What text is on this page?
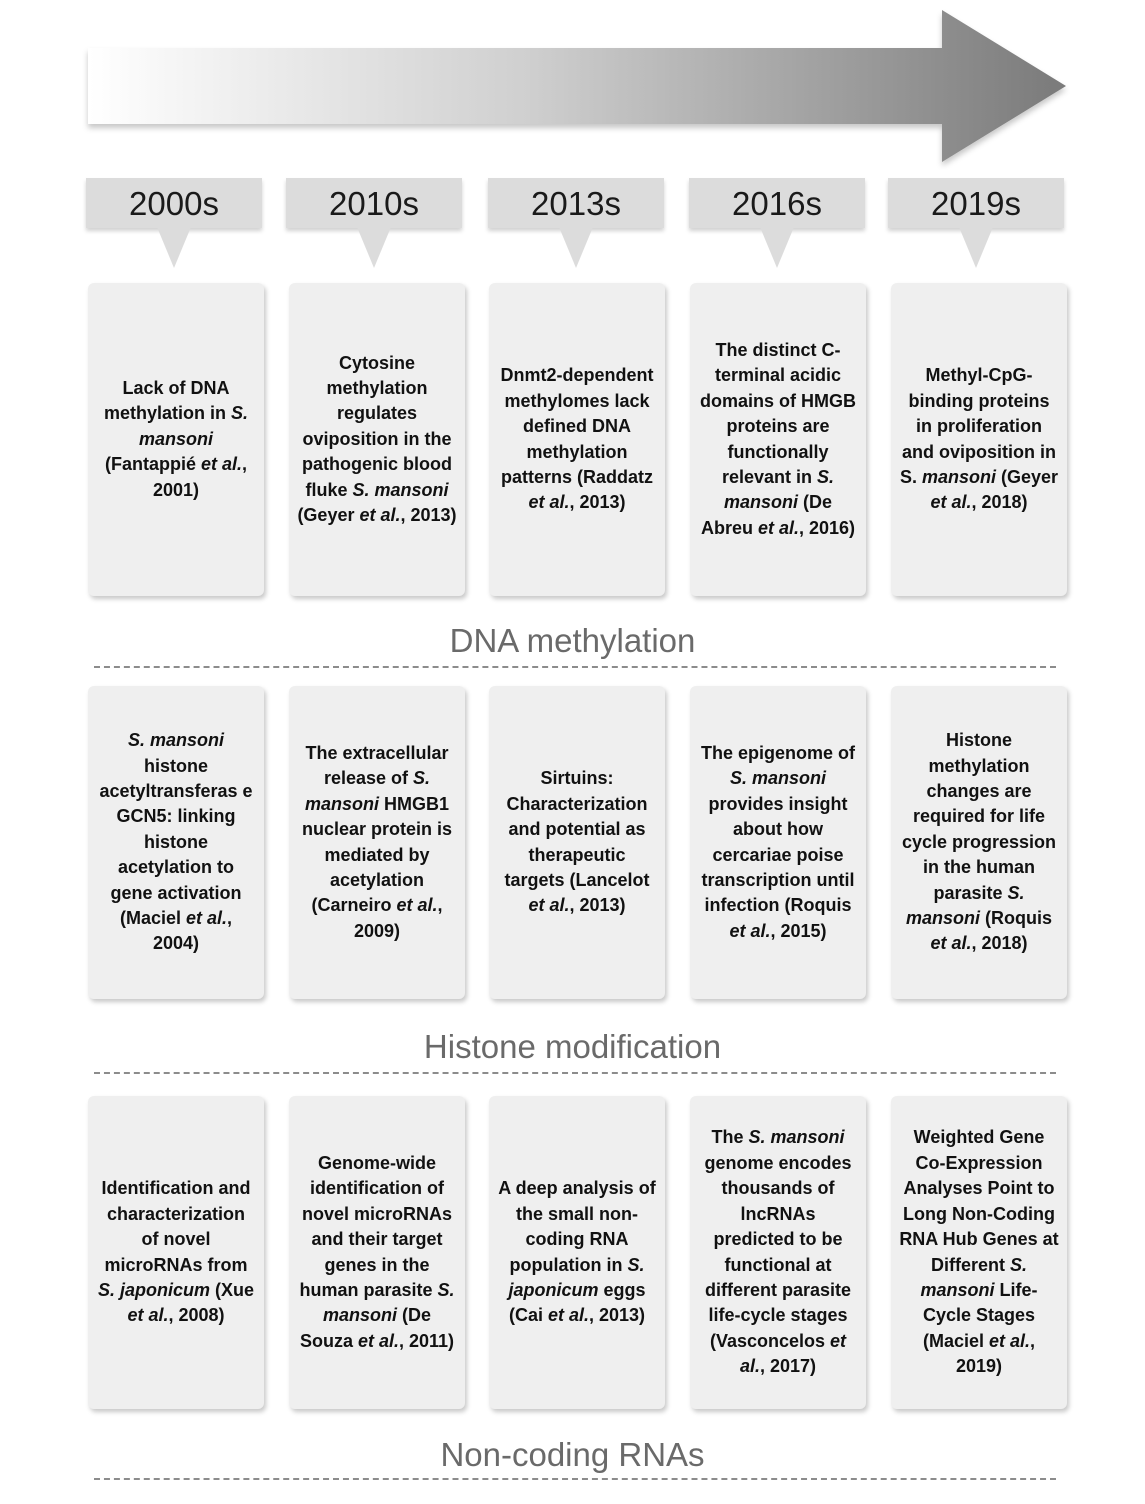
2000s	2010s	2013s	2016s	2019s
Lack of DNA methylation in S. mansoni (Fantappié et al., 2001)
Cytosine methylation regulates oviposition in the pathogenic blood fluke S. mansoni (Geyer et al., 2013)
Dnmt2-dependent methylomes lack defined DNA methylation patterns (Raddatz et al., 2013)
The distinct C-terminal acidic domains of HMGB proteins are functionally relevant in S. mansoni (De Abreu et al., 2016)
Methyl-CpG-binding proteins in proliferation and oviposition in S. mansoni (Geyer et al., 2018)
DNA methylation
S. mansoni histone acetyltransferas e GCN5: linking histone acetylation to gene activation (Maciel et al., 2004)
The extracellular release of S. mansoni HMGB1 nuclear protein is mediated by acetylation (Carneiro et al., 2009)
Sirtuins: Characterization and potential as therapeutic targets (Lancelot et al., 2013)
The epigenome of S. mansoni provides insight about how cercariae poise transcription until infection (Roquis et al., 2015)
Histone methylation changes are required for life cycle progression in the human parasite S. mansoni (Roquis et al., 2018)
Histone modification
Identification and characterization of novel microRNAs from S. japonicum (Xue et al., 2008)
Genome-wide identification of novel microRNAs and their target genes in the human parasite S. mansoni (De Souza et al., 2011)
A deep analysis of the small non-coding RNA population in S. japonicum eggs (Cai et al., 2013)
The S. mansoni genome encodes thousands of lncRNAs predicted to be functional at different parasite life-cycle stages (Vasconcelos et al., 2017)
Weighted Gene Co-Expression Analyses Point to Long Non-Coding RNA Hub Genes at Different S. mansoni Life-Cycle Stages (Maciel et al., 2019)
Non-coding RNAs
